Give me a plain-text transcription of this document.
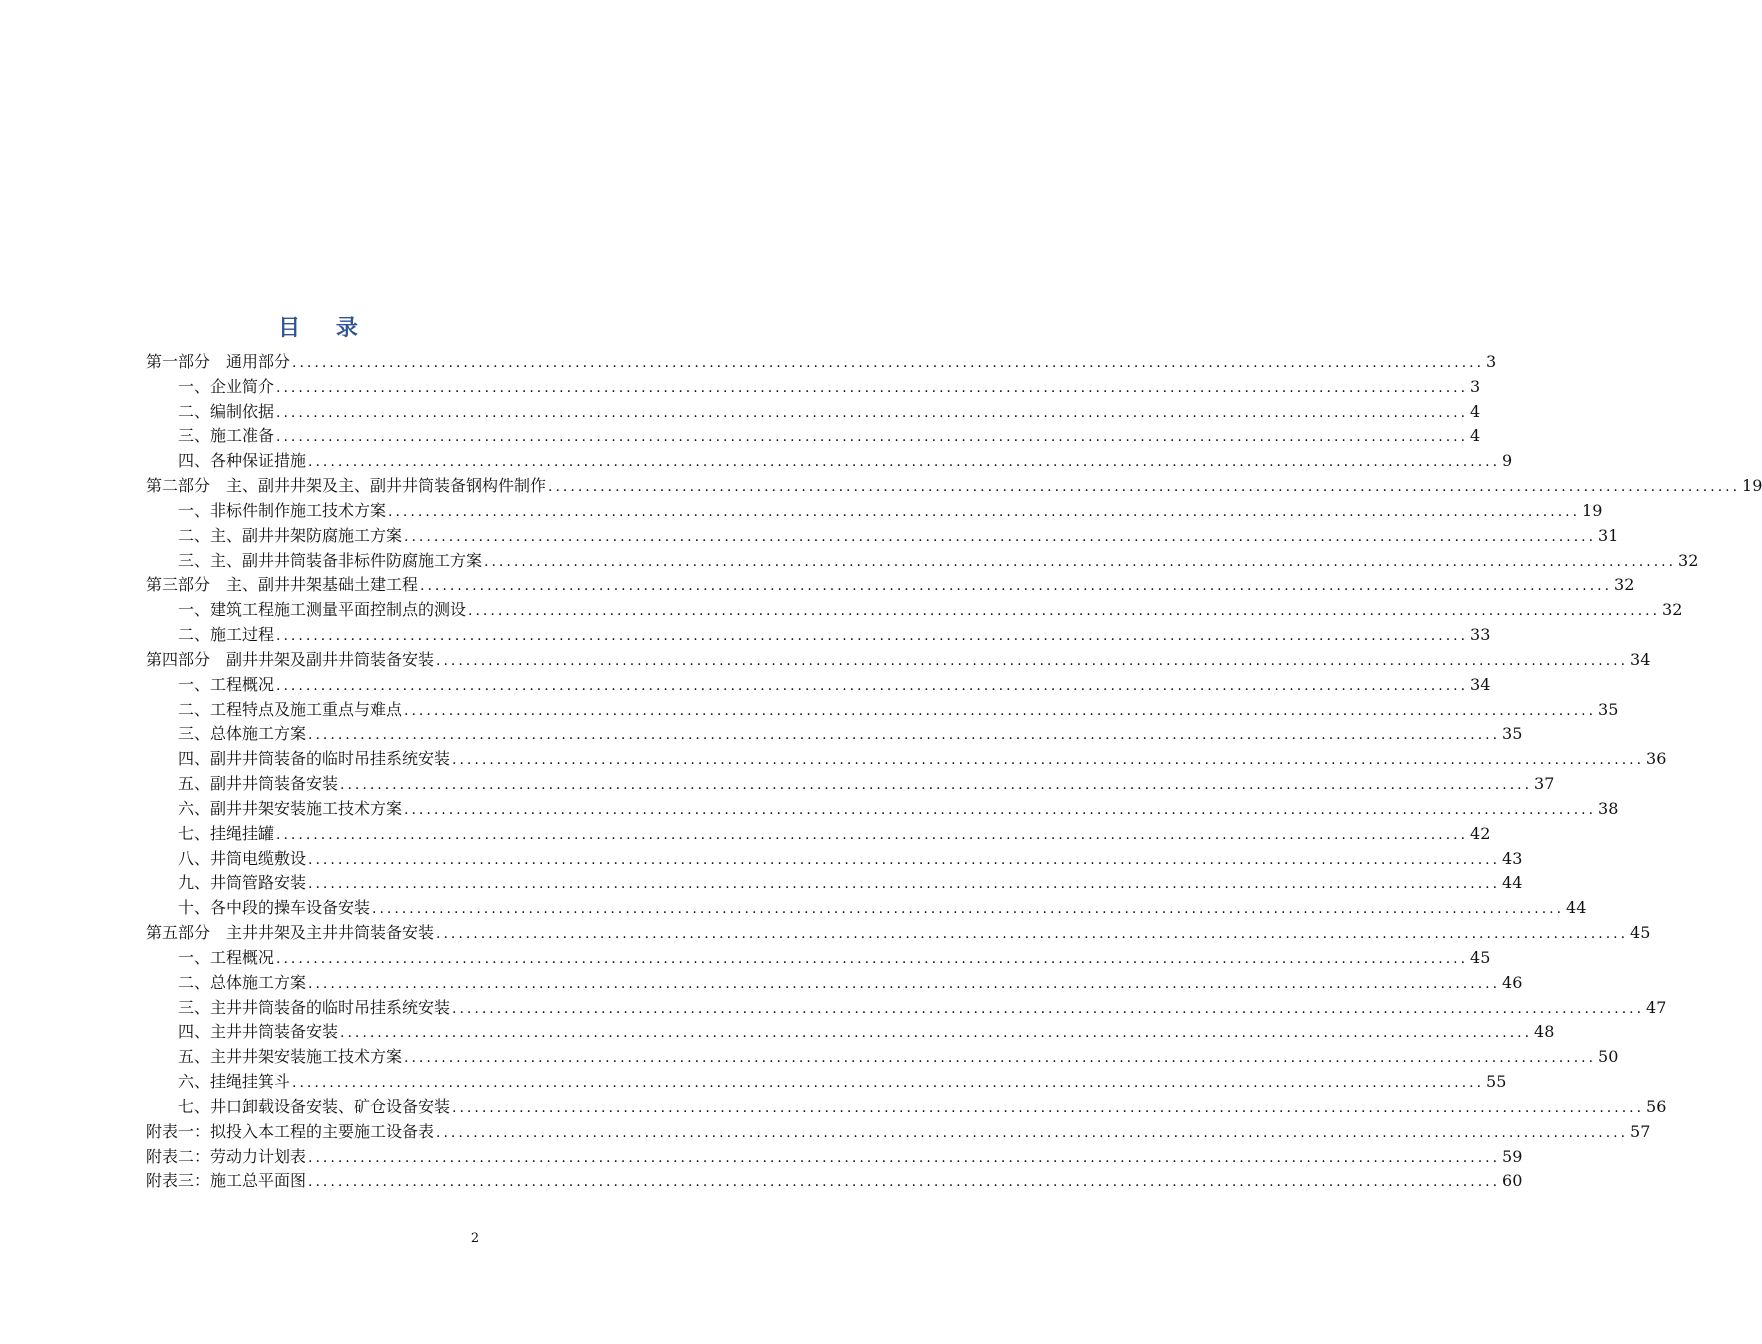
目 录
第一部分　通用部分 ................................................................................................................................................................ 3
一、企业简介 ................................................................................................................................................................ 3
二、编制依据 ................................................................................................................................................................ 4
三、施工准备 ................................................................................................................................................................ 4
四、各种保证措施 ................................................................................................................................................................ 9
第二部分　主、副井井架及主、副井井筒装备钢构件制作 ................................................................................................................................................................ 19
一、非标件制作施工技术方案 ................................................................................................................................................................ 19
二、主、副井井架防腐施工方案 ................................................................................................................................................................ 31
三、主、副井井筒装备非标件防腐施工方案 ................................................................................................................................................................ 32
第三部分　主、副井井架基础土建工程 ................................................................................................................................................................ 32
一、建筑工程施工测量平面控制点的测设 ................................................................................................................................................................ 32
二、施工过程 ................................................................................................................................................................ 33
第四部分　副井井架及副井井筒装备安装 ................................................................................................................................................................ 34
一、工程概况 ................................................................................................................................................................ 34
二、工程特点及施工重点与难点 ................................................................................................................................................................ 35
三、总体施工方案 ................................................................................................................................................................ 35
四、副井井筒装备的临时吊挂系统安装 ................................................................................................................................................................ 36
五、副井井筒装备安装 ................................................................................................................................................................ 37
六、副井井架安装施工技术方案 ................................................................................................................................................................ 38
七、挂绳挂罐 ................................................................................................................................................................ 42
八、井筒电缆敷设 ................................................................................................................................................................ 43
九、井筒管路安装 ................................................................................................................................................................ 44
十、各中段的操车设备安装 ................................................................................................................................................................ 44
第五部分　主井井架及主井井筒装备安装 ................................................................................................................................................................ 45
一、工程概况 ................................................................................................................................................................ 45
二、总体施工方案 ................................................................................................................................................................ 46
三、主井井筒装备的临时吊挂系统安装 ................................................................................................................................................................ 47
四、主井井筒装备安装 ................................................................................................................................................................ 48
五、主井井架安装施工技术方案 ................................................................................................................................................................ 50
六、挂绳挂箕斗 ................................................................................................................................................................ 55
七、井口卸载设备安装、矿仓设备安装 ................................................................................................................................................................ 56
附表一：拟投入本工程的主要施工设备表 ................................................................................................................................................................ 57
附表二：劳动力计划表 ................................................................................................................................................................ 59
附表三：施工总平面图 ................................................................................................................................................................ 60
2
